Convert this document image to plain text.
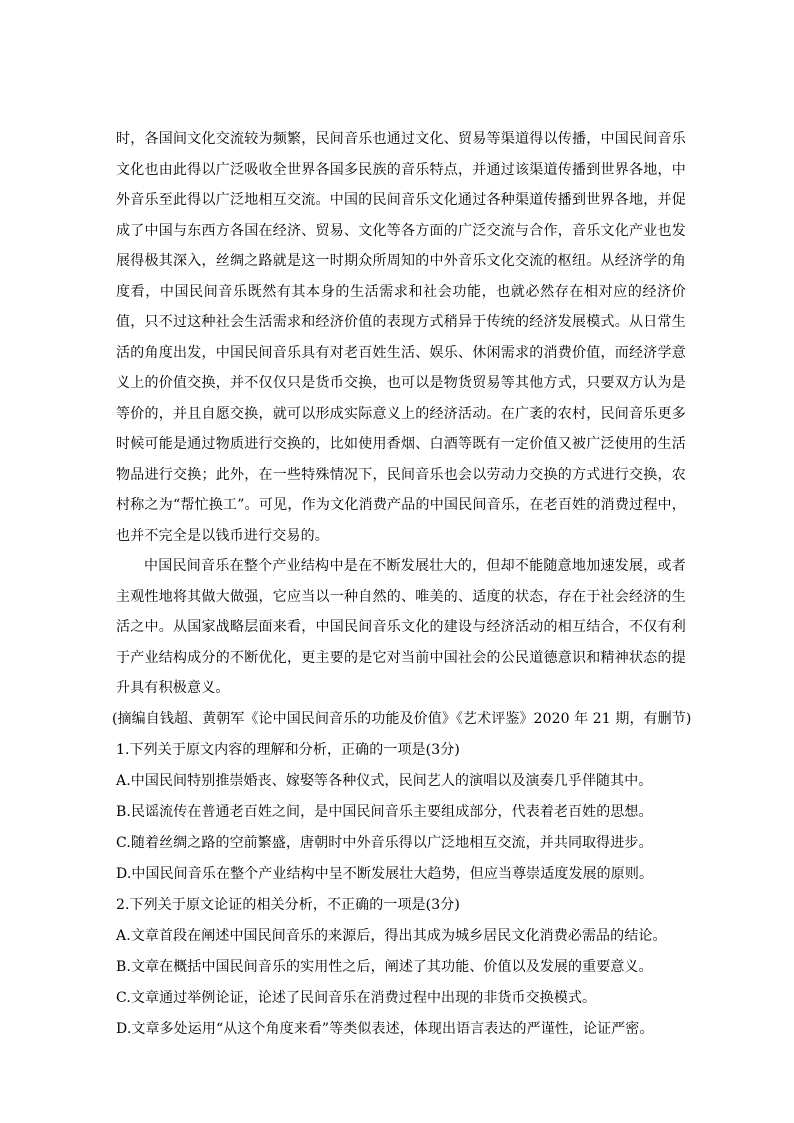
时，各国间文化交流较为频繁，民间音乐也通过文化、贸易等渠道得以传播，中国民间音乐文化也由此得以广泛吸收全世界各国多民族的音乐特点，并通过该渠道传播到世界各地，中外音乐至此得以广泛地相互交流。中国的民间音乐文化通过各种渠道传播到世界各地，并促成了中国与东西方各国在经济、贸易、文化等各方面的广泛交流与合作，音乐文化产业也发展得极其深入，丝绸之路就是这一时期众所周知的中外音乐文化交流的枢纽。从经济学的角度看，中国民间音乐既然有其本身的生活需求和社会功能，也就必然存在相对应的经济价值，只不过这种社会生活需求和经济价值的表现方式稍异于传统的经济发展模式。从日常生活的角度出发，中国民间音乐具有对老百姓生活、娱乐、休闲需求的消费价值，而经济学意义上的价值交换，并不仅仅只是货币交换，也可以是物货贸易等其他方式，只要双方认为是等价的，并且自愿交换，就可以形成实际意义上的经济活动。在广袤的农村，民间音乐更多时候可能是通过物质进行交换的，比如使用香烟、白酒等既有一定价值又被广泛使用的生活物品进行交换；此外，在一些特殊情况下，民间音乐也会以劳动力交换的方式进行交换，农村称之为“帮忙换工”。可见，作为文化消费产品的中国民间音乐，在老百姓的消费过程中，也并不完全是以钱币进行交易的。

中国民间音乐在整个产业结构中是在不断发展壮大的，但却不能随意地加速发展，或者主观性地将其做大做强，它应当以一种自然的、唯美的、适度的状态，存在于社会经济的生活之中。从国家战略层面来看，中国民间音乐文化的建设与经济活动的相互结合，不仅有利于产业结构成分的不断优化，更主要的是它对当前中国社会的公民道德意识和精神状态的提升具有积极意义。

(摘编自钱超、黄朝军《论中国民间音乐的功能及价值》《艺术评鉴》2020 年 21 期，有删节)

1.下列关于原文内容的理解和分析，正确的一项是(3分)

A.中国民间特别推崇婚丧、嫁娶等各种仪式，民间艺人的演唱以及演奏几乎伴随其中。

B.民谣流传在普通老百姓之间，是中国民间音乐主要组成部分，代表着老百姓的思想。

C.随着丝绸之路的空前繁盛，唐朝时中外音乐得以广泛地相互交流，并共同取得进步。

D.中国民间音乐在整个产业结构中呈不断发展壮大趋势，但应当尊崇适度发展的原则。

2.下列关于原文论证的相关分析，不正确的一项是(3分)

A.文章首段在阐述中国民间音乐的来源后，得出其成为城乡居民文化消费必需品的结论。

B.文章在概括中国民间音乐的实用性之后，阐述了其功能、价值以及发展的重要意义。

C.文章通过举例论证，论述了民间音乐在消费过程中出现的非货币交换模式。

D.文章多处运用“从这个角度来看”等类似表述，体现出语言表达的严谨性，论证严密。
